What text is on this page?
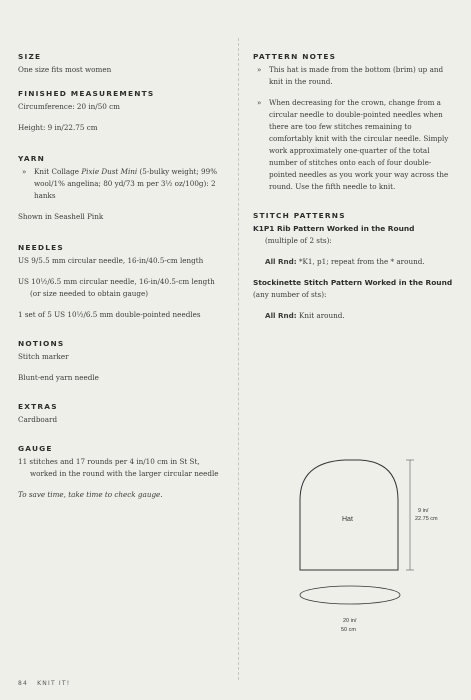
SIZE

One size fits most women

FINISHED MEASUREMENTS

Circumference: 20 in/50 cm

Height: 9 in/22.75 cm

YARN

» Knit Collage Pixie Dust Mini (5-bulky weight; 99% wool/1% angelina; 80 yd/73 m per 3½ oz/100g): 2 hanks

Shown in Seashell Pink

NEEDLES

US 9/5.5 mm circular needle, 16-in/40.5-cm length

US 10½/6.5 mm circular needle, 16-in/40.5-cm length (or size needed to obtain gauge)

1 set of 5 US 10½/6.5 mm double-pointed needles

NOTIONS

Stitch marker

Blunt-end yarn needle

EXTRAS

Cardboard

GAUGE

11 stitches and 17 rounds per 4 in/10 cm in St St, worked in the round with the larger circular needle

To save time, take time to check gauge.

PATTERN NOTES

» This hat is made from the bottom (brim) up and knit in the round.

» When decreasing for the crown, change from a circular needle to double-pointed needles when there are too few stitches remaining to comfortably knit with the circular needle. Simply work approximately one-quarter of the total number of stitches onto each of four double-pointed needles as you work your way across the round. Use the fifth needle to knit.

STITCH PATTERNS

K1P1 Rib Pattern Worked in the Round

(multiple of 2 sts):

All Rnd: *K1, p1; repeat from the * around.

Stockinette Stitch Pattern Worked in the Round (any number of sts):

All Rnd: Knit around.

Hat
9 in/
22.75 cm
20 in/
50 cm
84 KNIT IT!
